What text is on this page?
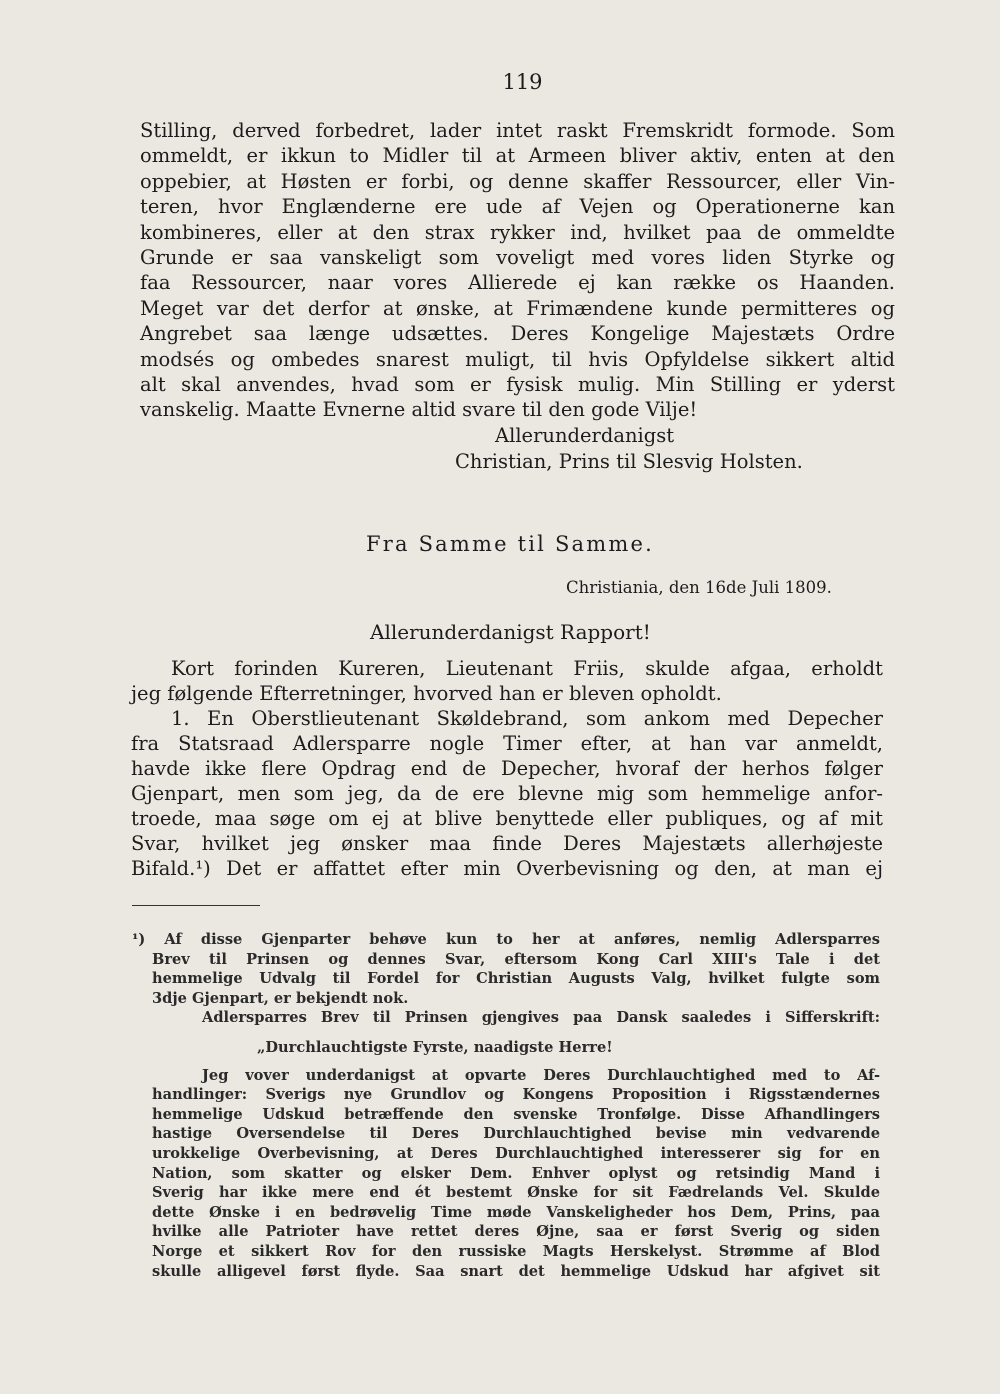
119
Stilling, derved forbedret, lader intet raskt Fremskridt formode. Som
ommeldt, er ikkun to Midler til at Armeen bliver aktiv, enten at den
oppebier, at Høsten er forbi, og denne skaffer Ressourcer, eller Vin-
teren, hvor Englænderne ere ude af Vejen og Operationerne kan
kombineres, eller at den strax rykker ind, hvilket paa de ommeldte
Grunde er saa vanskeligt som voveligt med vores liden Styrke og
faa Ressourcer, naar vores Allierede ej kan række os Haanden.
Meget var det derfor at ønske, at Frimændene kunde permitteres og
Angrebet saa længe udsættes. Deres Kongelige Majestæts Ordre
modsés og ombedes snarest muligt, til hvis Opfyldelse sikkert altid
alt skal anvendes, hvad som er fysisk mulig. Min Stilling er yderst
vanskelig. Maatte Evnerne altid svare til den gode Vilje!
Allerunderdanigst
Christian, Prins til Slesvig Holsten.
Fra Samme til Samme.
Christiania, den 16de Juli 1809.
Allerunderdanigst Rapport!
Kort forinden Kureren, Lieutenant Friis, skulde afgaa, erholdt
jeg følgende Efterretninger, hvorved han er bleven opholdt.
1. En Oberstlieutenant Skøldebrand, som ankom med Depecher
fra Statsraad Adlersparre nogle Timer efter, at han var anmeldt,
havde ikke flere Opdrag end de Depecher, hvoraf der herhos følger
Gjenpart, men som jeg, da de ere blevne mig som hemmelige anfor-
troede, maa søge om ej at blive benyttede eller publiques, og af mit
Svar, hvilket jeg ønsker maa finde Deres Majestæts allerhøjeste
Bifald.¹) Det er affattet efter min Overbevisning og den, at man ej
¹) Af disse Gjenparter behøve kun to her at anføres, nemlig Adlersparres
Brev til Prinsen og dennes Svar, eftersom Kong Carl XIII's Tale i det
hemmelige Udvalg til Fordel for Christian Augusts Valg, hvilket fulgte som
3dje Gjenpart, er bekjendt nok.
Adlersparres Brev til Prinsen gjengives paa Dansk saaledes i Sifferskrift:
„Durchlauchtigste Fyrste, naadigste Herre!
Jeg vover underdanigst at opvarte Deres Durchlauchtighed med to Af-
handlinger: Sverigs nye Grundlov og Kongens Proposition i Rigsstændernes
hemmelige Udskud betræffende den svenske Tronfølge. Disse Afhandlingers
hastige Oversendelse til Deres Durchlauchtighed bevise min vedvarende
urokkelige Overbevisning, at Deres Durchlauchtighed interesserer sig for en
Nation, som skatter og elsker Dem. Enhver oplyst og retsindig Mand i
Sverig har ikke mere end ét bestemt Ønske for sit Fædrelands Vel. Skulde
dette Ønske i en bedrøvelig Time møde Vanskeligheder hos Dem, Prins, paa
hvilke alle Patrioter have rettet deres Øjne, saa er først Sverig og siden
Norge et sikkert Rov for den russiske Magts Herskelyst. Strømme af Blod
skulle alligevel først flyde. Saa snart det hemmelige Udskud har afgivet sit
